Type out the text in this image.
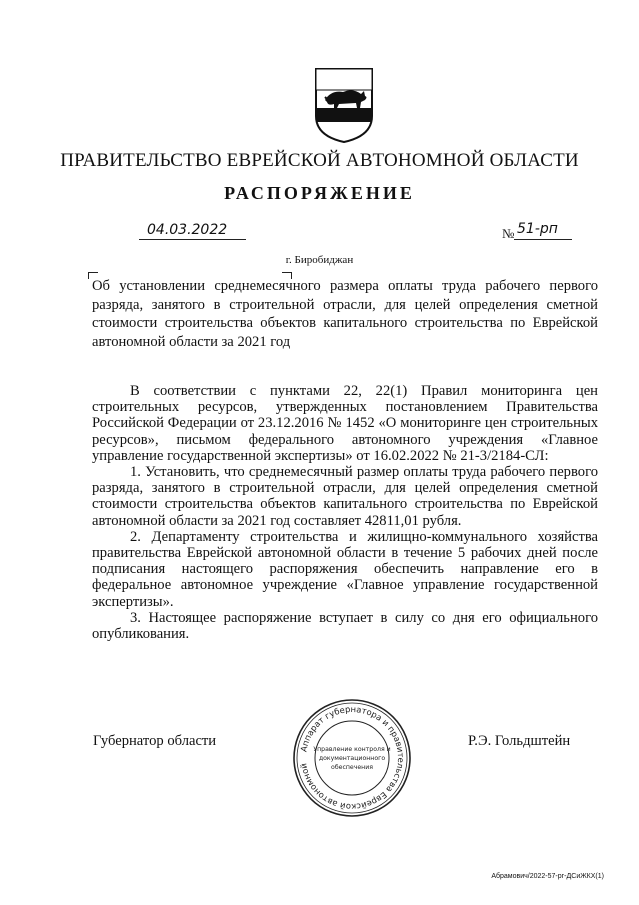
ПРАВИТЕЛЬСТВО ЕВРЕЙСКОЙ АВТОНОМНОЙ ОБЛАСТИ
РАСПОРЯЖЕНИЕ
04.03.2022	№ 51-рп
г. Биробиджан
Об установлении среднемесячного размера оплаты труда рабочего первого разряда, занятого в строительной отрасли, для целей определения сметной стоимости строительства объектов капитального строительства по Еврейской автономной области за 2021 год

В соответствии с пунктами 22, 22(1) Правил мониторинга цен строительных ресурсов, утвержденных постановлением Правительства Российской Федерации от 23.12.2016 № 1452 «О мониторинге цен строительных ресурсов», письмом федерального автономного учреждения «Главное управление государственной экспертизы» от 16.02.2022 № 21-3/2184-СЛ:

1. Установить, что среднемесячный размер оплаты труда рабочего первого разряда, занятого в строительной отрасли, для целей определения сметной стоимости строительства объектов капитального строительства по Еврейской автономной области за 2021 год составляет 42811,01 рубля.

2. Департаменту строительства и жилищно-коммунального хозяйства правительства Еврейской автономной области в течение 5 рабочих дней после подписания настоящего распоряжения обеспечить направление его в федеральное автономное учреждение «Главное управление государственной экспертизы».

3. Настоящее распоряжение вступает в силу со дня его официального опубликования.

Губернатор области	Р.Э. Гольдштейн
Аппарат губернатора и правительства Еврейской автономной
Управление контроля и
документационного
обеспечения
Абрамович/2022-57-рг-ДСиЖКХ(1)
